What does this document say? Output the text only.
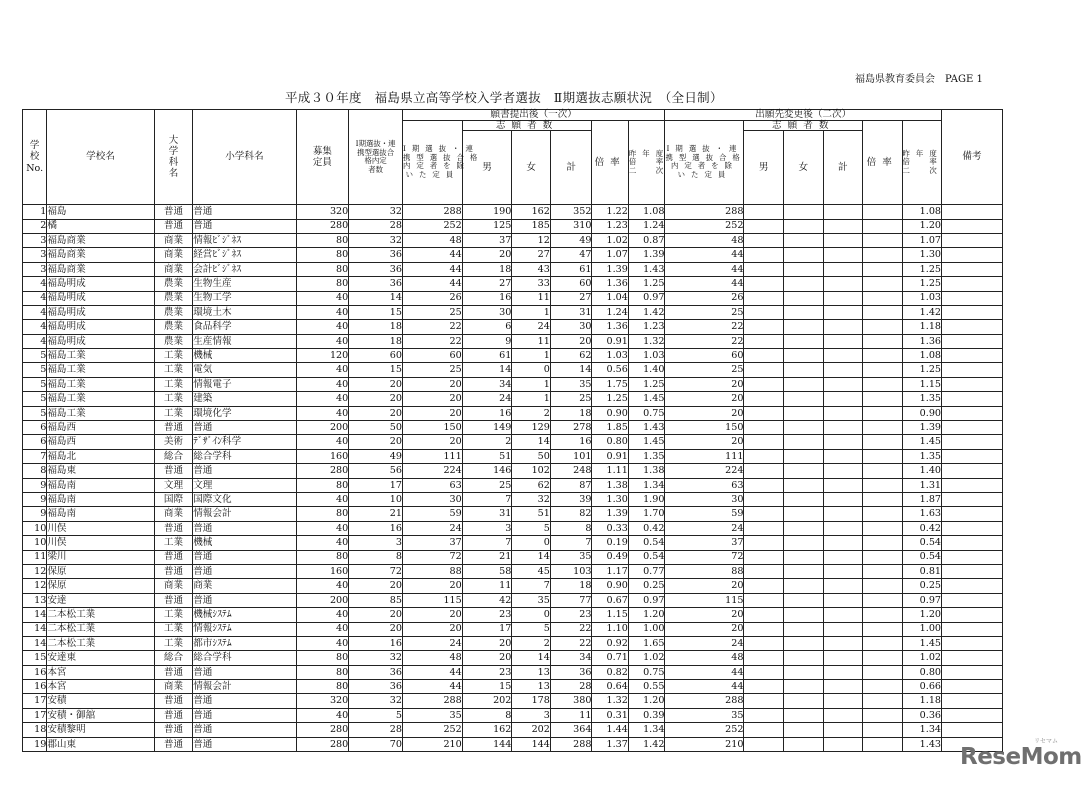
福島県教育委員会　PAGE 1
平成３０年度　福島県立高等学校入学者選抜　Ⅱ期選抜志願状況　（全日制）
学
校
No.	学校名	大
学
科
名	小学科名	募集
定員	Ⅰ期選抜・連
携型選抜合　
格内定
者数	願書提出後（一次）						出願先変更後（二次）						備考

						Ⅰ期選抜・連
携型選抜合格
内定者を除
いた定員	志願者数			倍率	昨年度
倍　率
二　次	Ⅰ期選抜・連
携型選抜合格
内定者を除
いた定員	志願者数			倍率	昨年度
倍　率
二　次	

							男	女	計				男	女	計			
1	福島	普通	普通	320	32	288	190	162	352	1.22	1.08	288					1.08	
2	橘	普通	普通	280	28	252	125	185	310	1.23	1.24	252					1.20	
3	福島商業	商業	情報ﾋﾞｼﾞﾈｽ	80	32	48	37	12	49	1.02	0.87	48					1.07	
3	福島商業	商業	経営ﾋﾞｼﾞﾈｽ	80	36	44	20	27	47	1.07	1.39	44					1.30	
3	福島商業	商業	会計ﾋﾞｼﾞﾈｽ	80	36	44	18	43	61	1.39	1.43	44					1.25	
4	福島明成	農業	生物生産	80	36	44	27	33	60	1.36	1.25	44					1.25	
4	福島明成	農業	生物工学	40	14	26	16	11	27	1.04	0.97	26					1.03	
4	福島明成	農業	環境土木	40	15	25	30	1	31	1.24	1.42	25					1.42	
4	福島明成	農業	食品科学	40	18	22	6	24	30	1.36	1.23	22					1.18	
4	福島明成	農業	生産情報	40	18	22	9	11	20	0.91	1.32	22					1.36	
5	福島工業	工業	機械	120	60	60	61	1	62	1.03	1.03	60					1.08	
5	福島工業	工業	電気	40	15	25	14	0	14	0.56	1.40	25					1.25	
5	福島工業	工業	情報電子	40	20	20	34	1	35	1.75	1.25	20					1.15	
5	福島工業	工業	建築	40	20	20	24	1	25	1.25	1.45	20					1.35	
5	福島工業	工業	環境化学	40	20	20	16	2	18	0.90	0.75	20					0.90	
6	福島西	普通	普通	200	50	150	149	129	278	1.85	1.43	150					1.39	
6	福島西	美術	ﾃﾞｻﾞｲﾝ科学	40	20	20	2	14	16	0.80	1.45	20					1.45	
7	福島北	総合	総合学科	160	49	111	51	50	101	0.91	1.35	111					1.35	
8	福島東	普通	普通	280	56	224	146	102	248	1.11	1.38	224					1.40	
9	福島南	文理	文理	80	17	63	25	62	87	1.38	1.34	63					1.31	
9	福島南	国際	国際文化	40	10	30	7	32	39	1.30	1.90	30					1.87	
9	福島南	商業	情報会計	80	21	59	31	51	82	1.39	1.70	59					1.63	
10	川俣	普通	普通	40	16	24	3	5	8	0.33	0.42	24					0.42	
10	川俣	工業	機械	40	3	37	7	0	7	0.19	0.54	37					0.54	
11	梁川	普通	普通	80	8	72	21	14	35	0.49	0.54	72					0.54	
12	保原	普通	普通	160	72	88	58	45	103	1.17	0.77	88					0.81	
12	保原	商業	商業	40	20	20	11	7	18	0.90	0.25	20					0.25	
13	安達	普通	普通	200	85	115	42	35	77	0.67	0.97	115					0.97	
14	二本松工業	工業	機械ｼｽﾃﾑ	40	20	20	23	0	23	1.15	1.20	20					1.20	
14	二本松工業	工業	情報ｼｽﾃﾑ	40	20	20	17	5	22	1.10	1.00	20					1.00	
14	二本松工業	工業	都市ｼｽﾃﾑ	40	16	24	20	2	22	0.92	1.65	24					1.45	
15	安達東	総合	総合学科	80	32	48	20	14	34	0.71	1.02	48					1.02	
16	本宮	普通	普通	80	36	44	23	13	36	0.82	0.75	44					0.80	
16	本宮	商業	情報会計	80	36	44	15	13	28	0.64	0.55	44					0.66	
17	安積	普通	普通	320	32	288	202	178	380	1.32	1.20	288					1.18	
17	安積・御舘	普通	普通	40	5	35	8	3	11	0.31	0.39	35					0.36	
18	安積黎明	普通	普通	280	28	252	162	202	364	1.44	1.34	252					1.34	
19	郡山東	普通	普通	280	70	210	144	144	288	1.37	1.42	210					1.43	ReseMom
リセマム
